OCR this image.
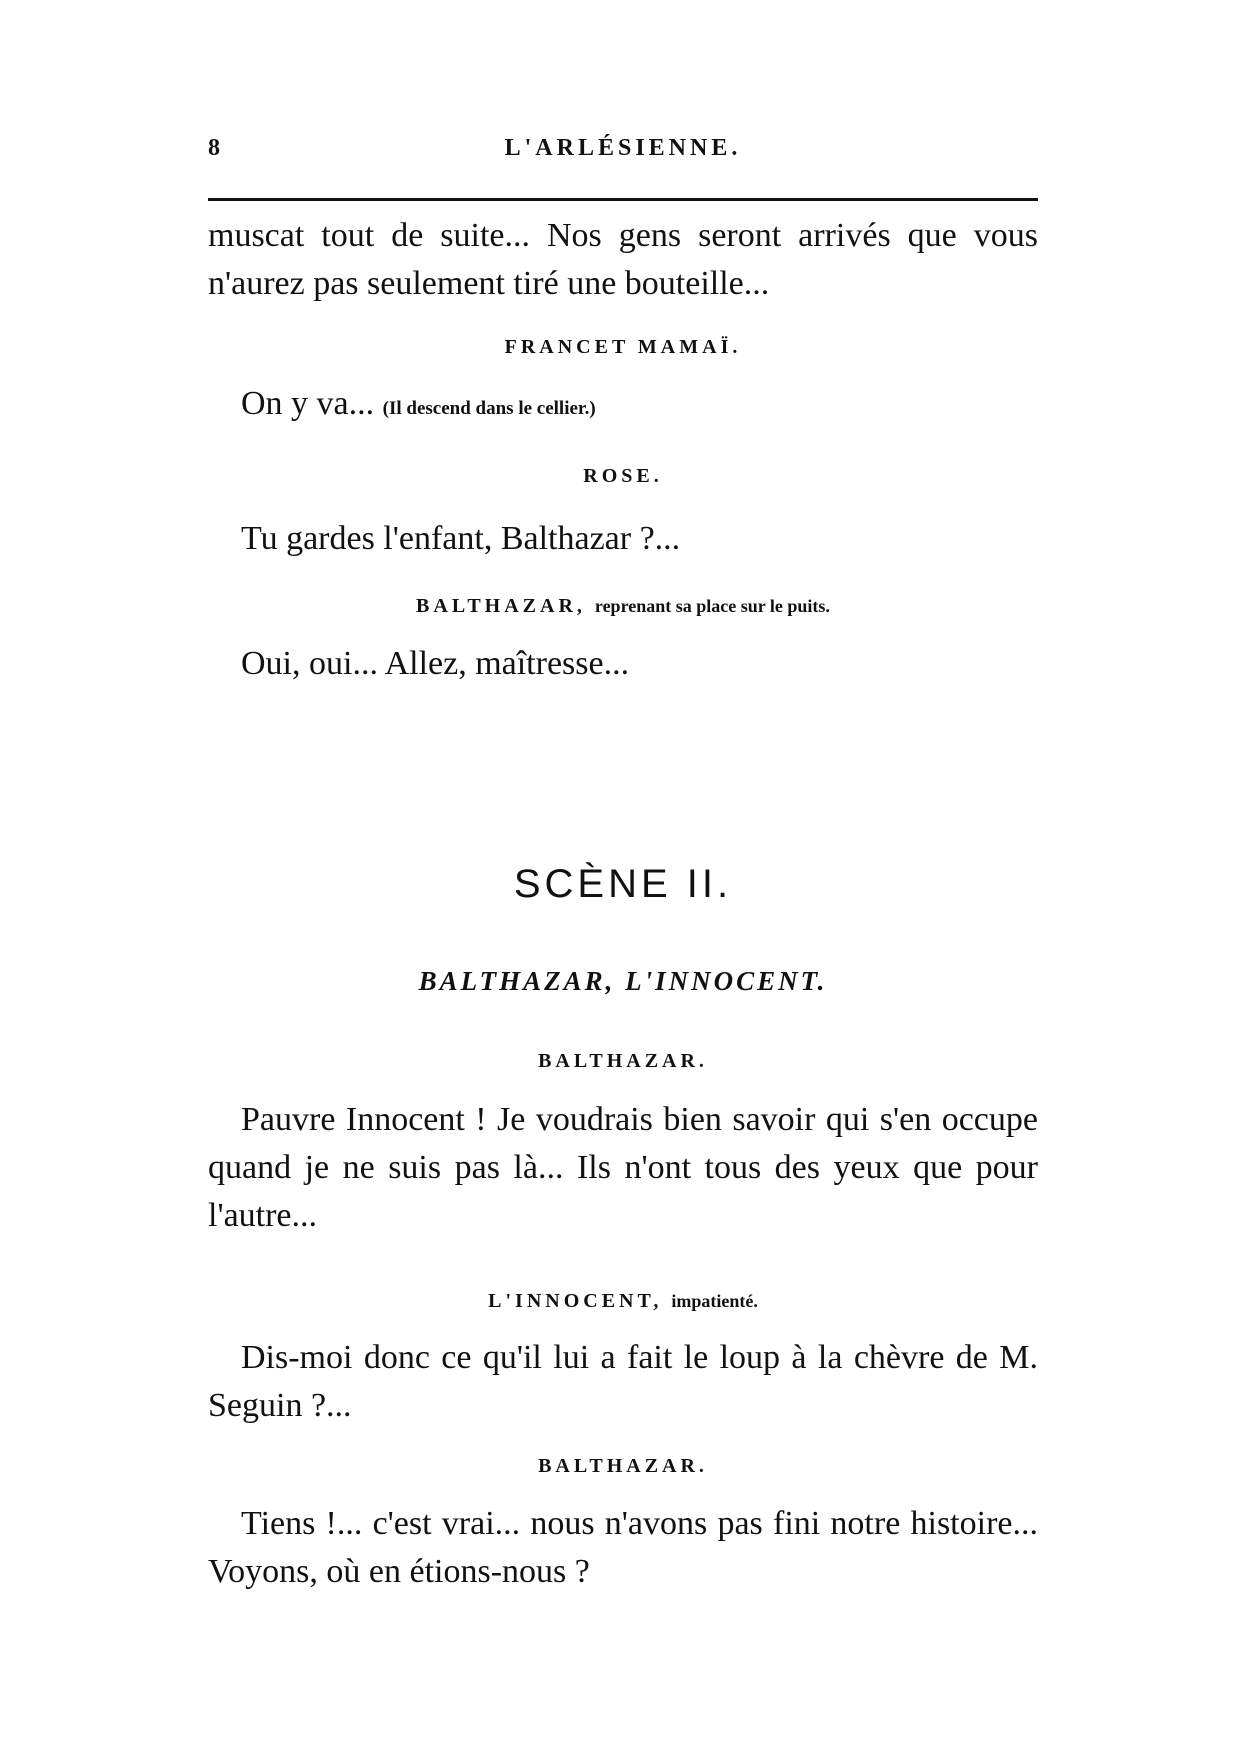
8	L'ARLÉSIENNE.
muscat tout de suite... Nos gens seront arrivés que vous n'aurez pas seulement tiré une bouteille...
FRANCET MAMAÏ.
On y va... (Il descend dans le cellier.)
ROSE.
Tu gardes l'enfant, Balthazar ?...
BALTHAZAR, reprenant sa place sur le puits.
Oui, oui... Allez, maîtresse...
SCÈNE II.
BALTHAZAR, L'INNOCENT.
BALTHAZAR.
Pauvre Innocent ! Je voudrais bien savoir qui s'en occupe quand je ne suis pas là... Ils n'ont tous des yeux que pour l'autre...
L'INNOCENT, impatienté.
Dis-moi donc ce qu'il lui a fait le loup à la chèvre de M. Seguin ?...
BALTHAZAR.
Tiens !... c'est vrai... nous n'avons pas fini notre histoire... Voyons, où en étions-nous ?
